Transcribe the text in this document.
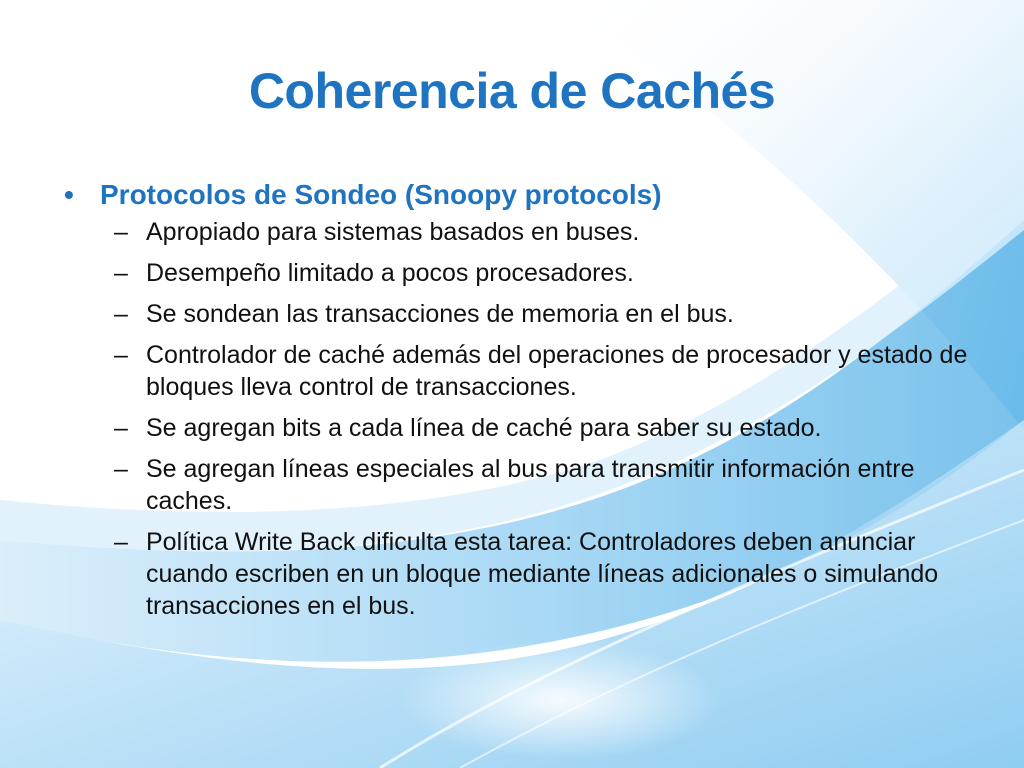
Coherencia de Cachés
• Protocolos de Sondeo (Snoopy protocols)
– Apropiado para sistemas basados en buses.
– Desempeño limitado a pocos procesadores.
– Se sondean las transacciones de memoria en el bus.
– Controlador de caché además del operaciones de procesador y estado de bloques lleva control de transacciones.
– Se agregan bits a cada línea de caché para saber su estado.
– Se agregan líneas especiales al bus para transmitir información entre caches.
– Política Write Back dificulta esta tarea: Controladores deben anunciar cuando escriben en un bloque mediante líneas adicionales o simulando transacciones en el bus.
